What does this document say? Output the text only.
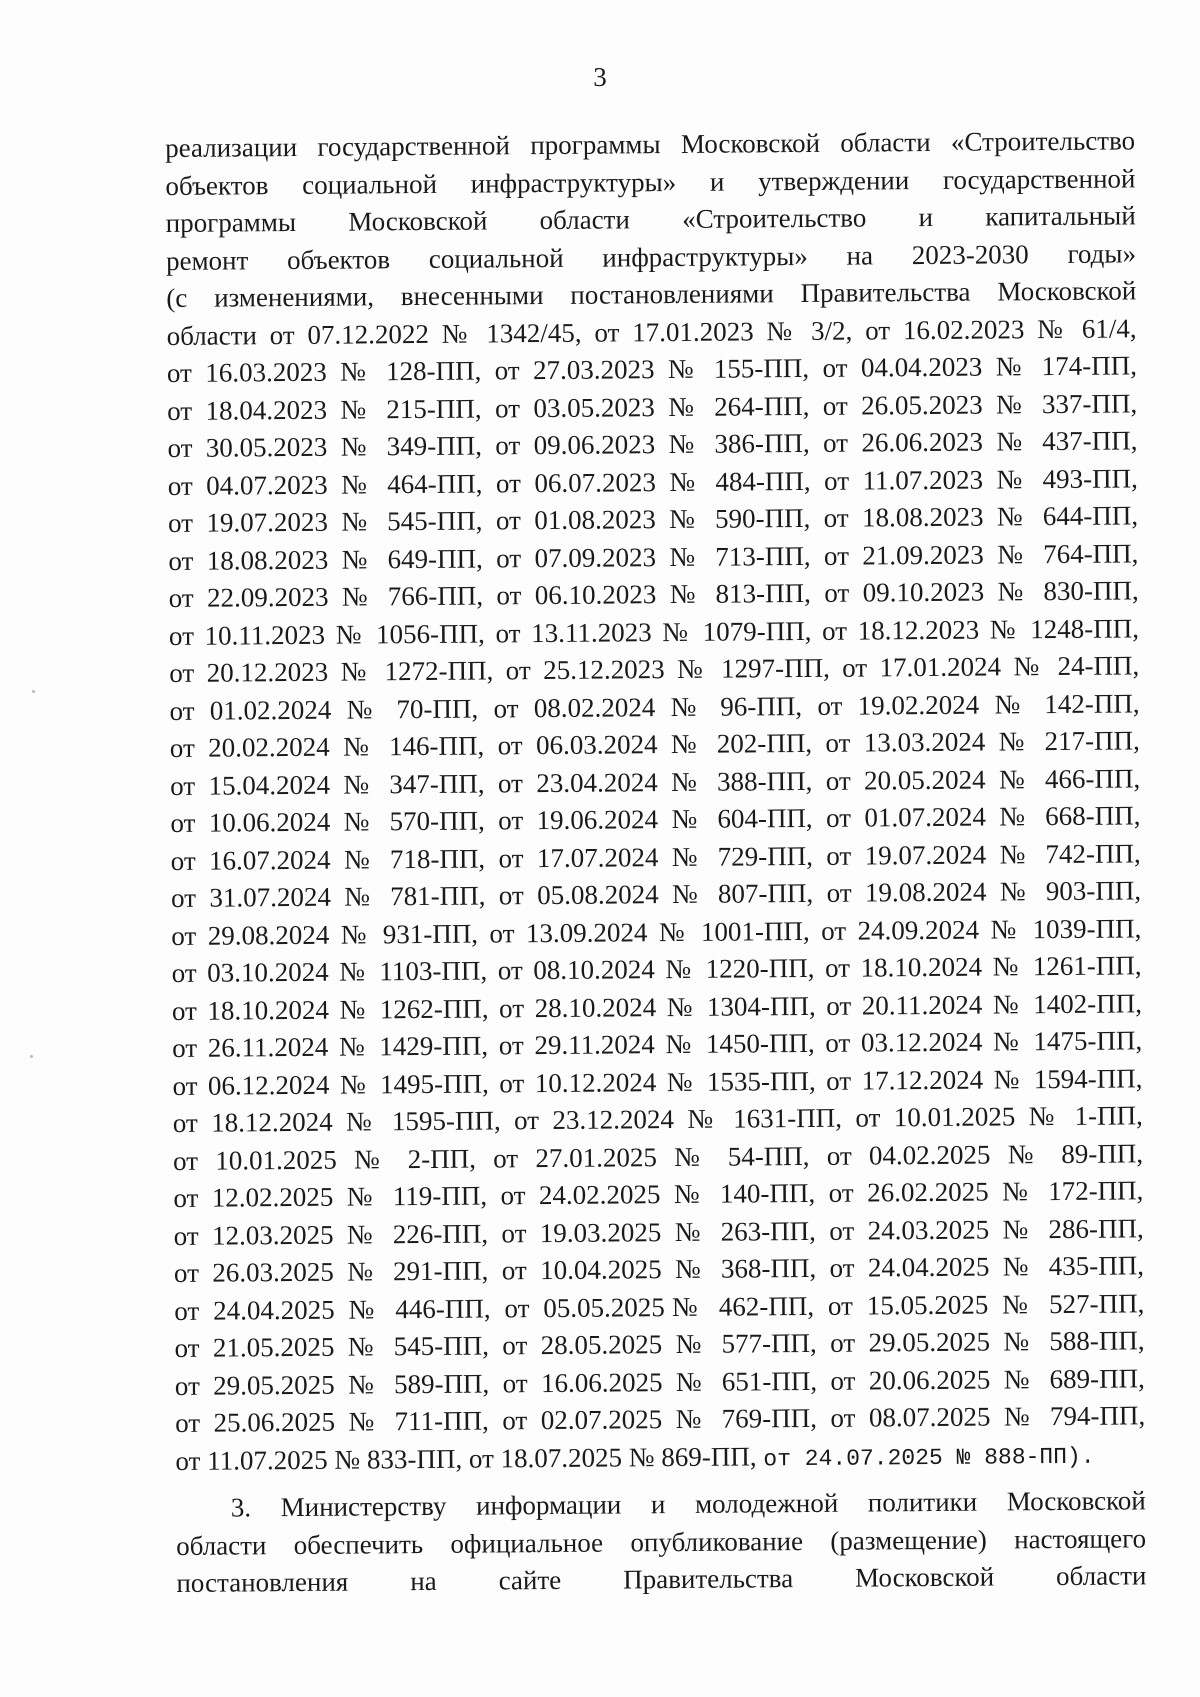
3
реализации государственной программы Московской области «Строительство
объектов социальной инфраструктуры» и утверждении государственной
программы Московской области «Строительство и капитальный
ремонт объектов социальной инфраструктуры» на 2023-2030 годы»
(с изменениями, внесенными постановлениями Правительства Московской
области от 07.12.2022 № 1342/45, от 17.01.2023 № 3/2, от 16.02.2023 № 61/4,
от 16.03.2023 № 128-ПП, от 27.03.2023 № 155-ПП, от 04.04.2023 № 174-ПП,
от 18.04.2023 № 215-ПП, от 03.05.2023 № 264-ПП, от 26.05.2023 № 337-ПП,
от 30.05.2023 № 349-ПП, от 09.06.2023 № 386-ПП, от 26.06.2023 № 437-ПП,
от 04.07.2023 № 464-ПП, от 06.07.2023 № 484-ПП, от 11.07.2023 № 493-ПП,
от 19.07.2023 № 545-ПП, от 01.08.2023 № 590-ПП, от 18.08.2023 № 644-ПП,
от 18.08.2023 № 649-ПП, от 07.09.2023 № 713-ПП, от 21.09.2023 № 764-ПП,
от 22.09.2023 № 766-ПП, от 06.10.2023 № 813-ПП, от 09.10.2023 № 830-ПП,
от 10.11.2023 № 1056-ПП, от 13.11.2023 № 1079-ПП, от 18.12.2023 № 1248-ПП,
от 20.12.2023 № 1272-ПП, от 25.12.2023 № 1297-ПП, от 17.01.2024 № 24-ПП,
от 01.02.2024 № 70-ПП, от 08.02.2024 № 96-ПП, от 19.02.2024 № 142-ПП,
от 20.02.2024 № 146-ПП, от 06.03.2024 № 202-ПП, от 13.03.2024 № 217-ПП,
от 15.04.2024 № 347-ПП, от 23.04.2024 № 388-ПП, от 20.05.2024 № 466-ПП,
от 10.06.2024 № 570-ПП, от 19.06.2024 № 604-ПП, от 01.07.2024 № 668-ПП,
от 16.07.2024 № 718-ПП, от 17.07.2024 № 729-ПП, от 19.07.2024 № 742-ПП,
от 31.07.2024 № 781-ПП, от 05.08.2024 № 807-ПП, от 19.08.2024 № 903-ПП,
от 29.08.2024 № 931-ПП, от 13.09.2024 № 1001-ПП, от 24.09.2024 № 1039-ПП,
от 03.10.2024 № 1103-ПП, от 08.10.2024 № 1220-ПП, от 18.10.2024 № 1261-ПП,
от 18.10.2024 № 1262-ПП, от 28.10.2024 № 1304-ПП, от 20.11.2024 № 1402-ПП,
от 26.11.2024 № 1429-ПП, от 29.11.2024 № 1450-ПП, от 03.12.2024 № 1475-ПП,
от 06.12.2024 № 1495-ПП, от 10.12.2024 № 1535-ПП, от 17.12.2024 № 1594-ПП,
от 18.12.2024 № 1595-ПП, от 23.12.2024 № 1631-ПП, от 10.01.2025 № 1-ПП,
от 10.01.2025 № 2-ПП, от 27.01.2025 № 54-ПП, от 04.02.2025 № 89-ПП,
от 12.02.2025 № 119-ПП, от 24.02.2025 № 140-ПП, от 26.02.2025 № 172-ПП,
от 12.03.2025 № 226-ПП, от 19.03.2025 № 263-ПП, от 24.03.2025 № 286-ПП,
от 26.03.2025 № 291-ПП, от 10.04.2025 № 368-ПП, от 24.04.2025 № 435-ПП,
от 24.04.2025 № 446-ПП, от 05.05.2025№ 462-ПП, от 15.05.2025 № 527-ПП,
от 21.05.2025 № 545-ПП, от 28.05.2025 № 577-ПП, от 29.05.2025 № 588-ПП,
от 29.05.2025 № 589-ПП, от 16.06.2025 № 651-ПП, от 20.06.2025 № 689-ПП,
от 25.06.2025 № 711-ПП, от 02.07.2025 № 769-ПП, от 08.07.2025 № 794-ПП,
от 11.07.2025 № 833-ПП, от 18.07.2025 № 869-ПП, от 24.07.2025 № 888-ПП).
3. Министерству информации и молодежной политики Московской
области обеспечить официальное опубликование (размещение) настоящего
постановления на сайте Правительства Московской области
